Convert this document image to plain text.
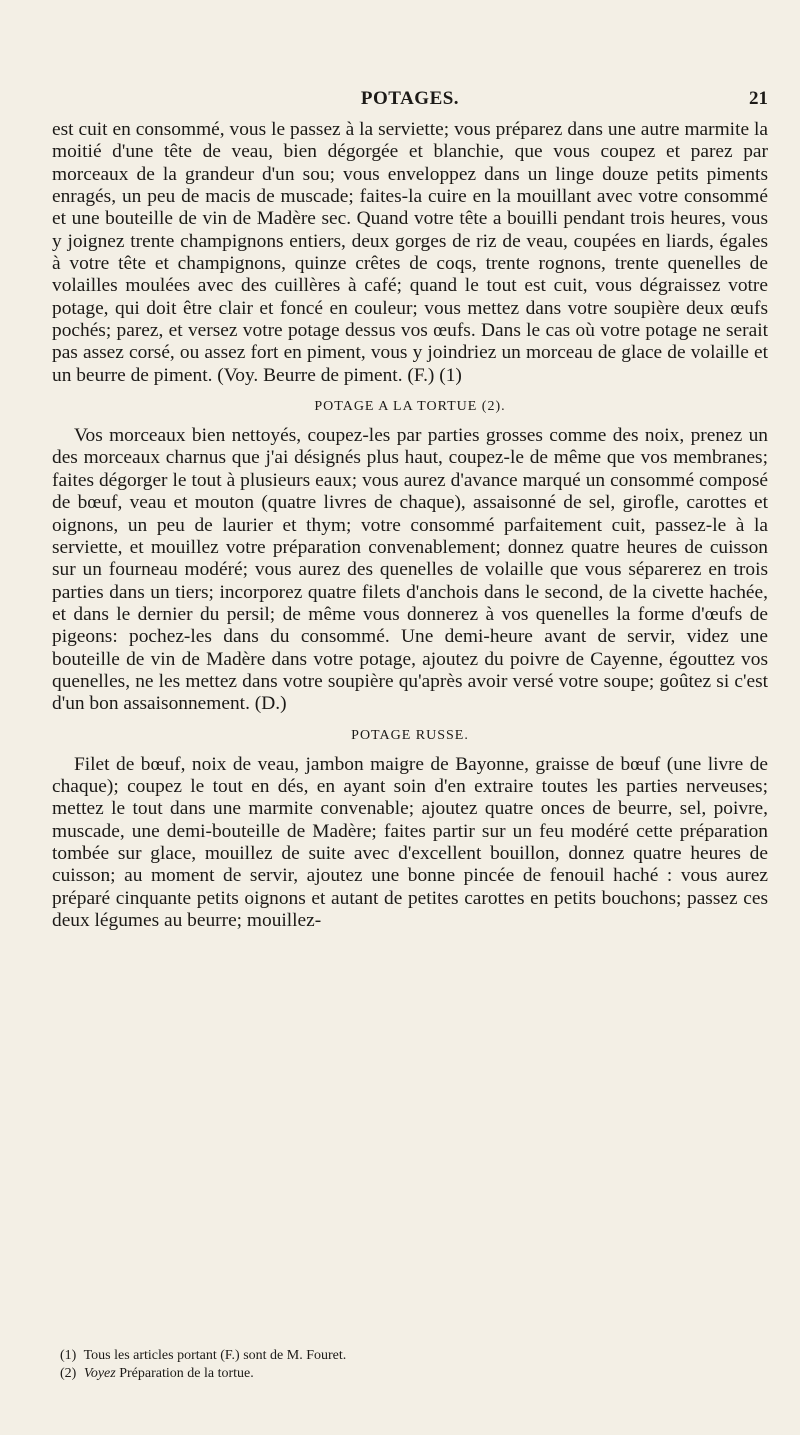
POTAGES.	21

est cuit en consommé, vous le passez à la serviette; vous préparez dans une autre marmite la moitié d'une tête de veau, bien dégorgée et blanchie, que vous coupez et parez par morceaux de la grandeur d'un sou; vous enveloppez dans un linge douze petits piments enragés, un peu de macis de muscade; faites-la cuire en la mouillant avec votre consommé et une bouteille de vin de Madère sec. Quand votre tête a bouilli pendant trois heures, vous y joignez trente champignons entiers, deux gorges de riz de veau, coupées en liards, égales à votre tête et champignons, quinze crêtes de coqs, trente rognons, trente quenelles de volailles moulées avec des cuillères à café; quand le tout est cuit, vous dégraissez votre potage, qui doit être clair et foncé en couleur; vous mettez dans votre soupière deux œufs pochés; parez, et versez votre potage dessus vos œufs. Dans le cas où votre potage ne serait pas assez corsé, ou assez fort en piment, vous y joindriez un morceau de glace de volaille et un beurre de piment. (Voy. Beurre de piment. (F.) (1)

POTAGE A LA TORTUE (2).

Vos morceaux bien nettoyés, coupez-les par parties grosses comme des noix, prenez un des morceaux charnus que j'ai désignés plus haut, coupez-le de même que vos membranes; faites dégorger le tout à plusieurs eaux; vous aurez d'avance marqué un consommé composé de bœuf, veau et mouton (quatre livres de chaque), assaisonné de sel, girofle, carottes et oignons, un peu de laurier et thym; votre consommé parfaitement cuit, passez-le à la serviette, et mouillez votre préparation convenablement; donnez quatre heures de cuisson sur un fourneau modéré; vous aurez des quenelles de volaille que vous séparerez en trois parties dans un tiers; incorporez quatre filets d'anchois dans le second, de la civette hachée, et dans le dernier du persil; de même vous donnerez à vos quenelles la forme d'œufs de pigeons: pochez-les dans du consommé. Une demi-heure avant de servir, videz une bouteille de vin de Madère dans votre potage, ajoutez du poivre de Cayenne, égouttez vos quenelles, ne les mettez dans votre soupière qu'après avoir versé votre soupe; goûtez si c'est d'un bon assaisonnement. (D.)

POTAGE RUSSE.

Filet de bœuf, noix de veau, jambon maigre de Bayonne, graisse de bœuf (une livre de chaque); coupez le tout en dés, en ayant soin d'en extraire toutes les parties nerveuses; mettez le tout dans une marmite convenable; ajoutez quatre onces de beurre, sel, poivre, muscade, une demi-bouteille de Madère; faites partir sur un feu modéré cette préparation tombée sur glace, mouillez de suite avec d'excellent bouillon, donnez quatre heures de cuisson; au moment de servir, ajoutez une bonne pincée de fenouil haché : vous aurez préparé cinquante petits oignons et autant de petites carottes en petits bouchons; passez ces deux légumes au beurre; mouillez-

(1) Tous les articles portant (F.) sont de M. Fouret.

(2) Voyez Préparation de la tortue.
